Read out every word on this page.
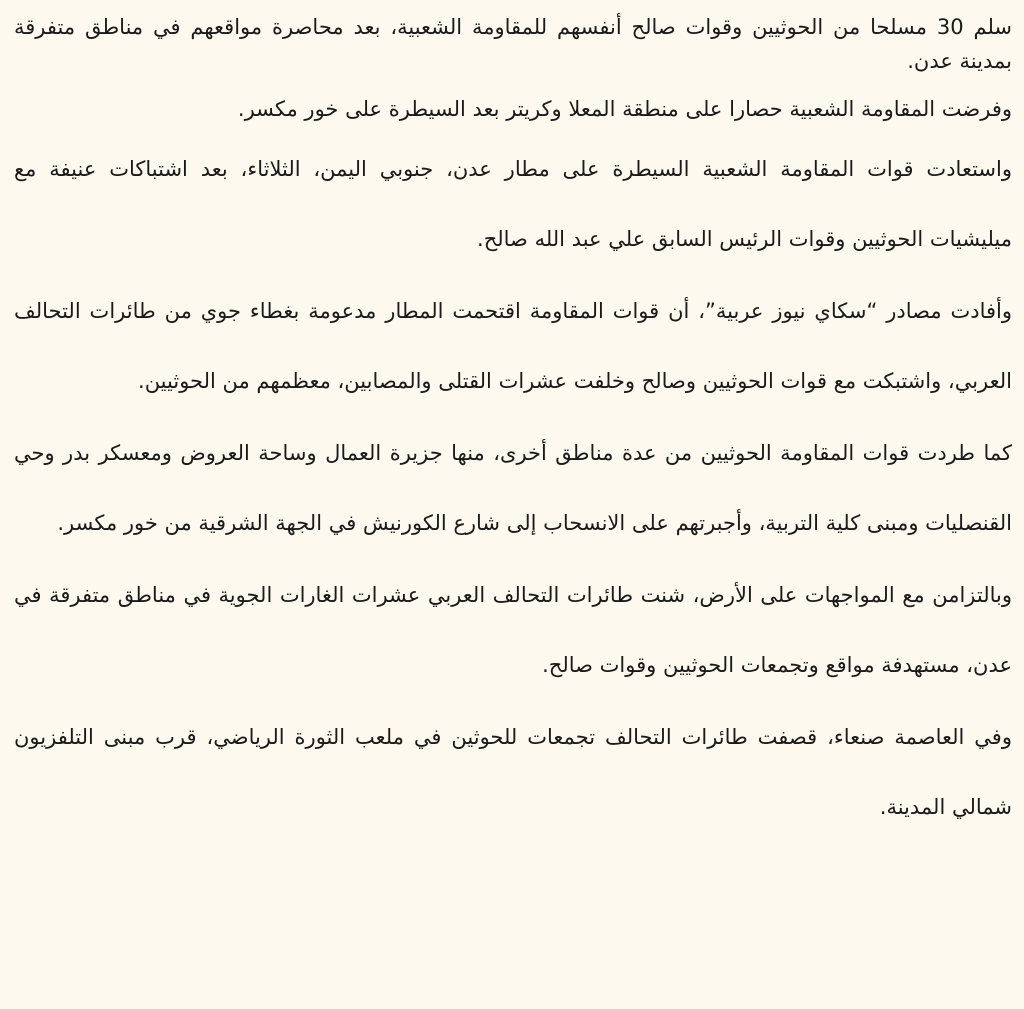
سلم 30 مسلحا من الحوثيين وقوات صالح أنفسهم للمقاومة الشعبية، بعد محاصرة مواقعهم في مناطق متفرقة بمدينة عدن.

وفرضت المقاومة الشعبية حصارا على منطقة المعلا وكريتر بعد السيطرة على خور مكسر.

واستعادت قوات المقاومة الشعبية السيطرة على مطار عدن، جنوبي اليمن، الثلاثاء، بعد اشتباكات عنيفة مع ميليشيات الحوثيين وقوات الرئيس السابق علي عبد الله صالح.

وأفادت مصادر “سكاي نيوز عربية”، أن قوات المقاومة اقتحمت المطار مدعومة بغطاء جوي من طائرات التحالف العربي، واشتبكت مع قوات الحوثيين وصالح وخلفت عشرات القتلى والمصابين، معظمهم من الحوثيين.

كما طردت قوات المقاومة الحوثيين من عدة مناطق أخرى، منها جزيرة العمال وساحة العروض ومعسكر بدر وحي القنصليات ومبنى كلية التربية، وأجبرتهم على الانسحاب إلى شارع الكورنيش في الجهة الشرقية من خور مكسر.

وبالتزامن مع المواجهات على الأرض، شنت طائرات التحالف العربي عشرات الغارات الجوية في مناطق متفرقة في عدن، مستهدفة مواقع وتجمعات الحوثيين وقوات صالح.

وفي العاصمة صنعاء، قصفت طائرات التحالف تجمعات للحوثين في ملعب الثورة الرياضي، قرب مبنى التلفزيون شمالي المدينة.
